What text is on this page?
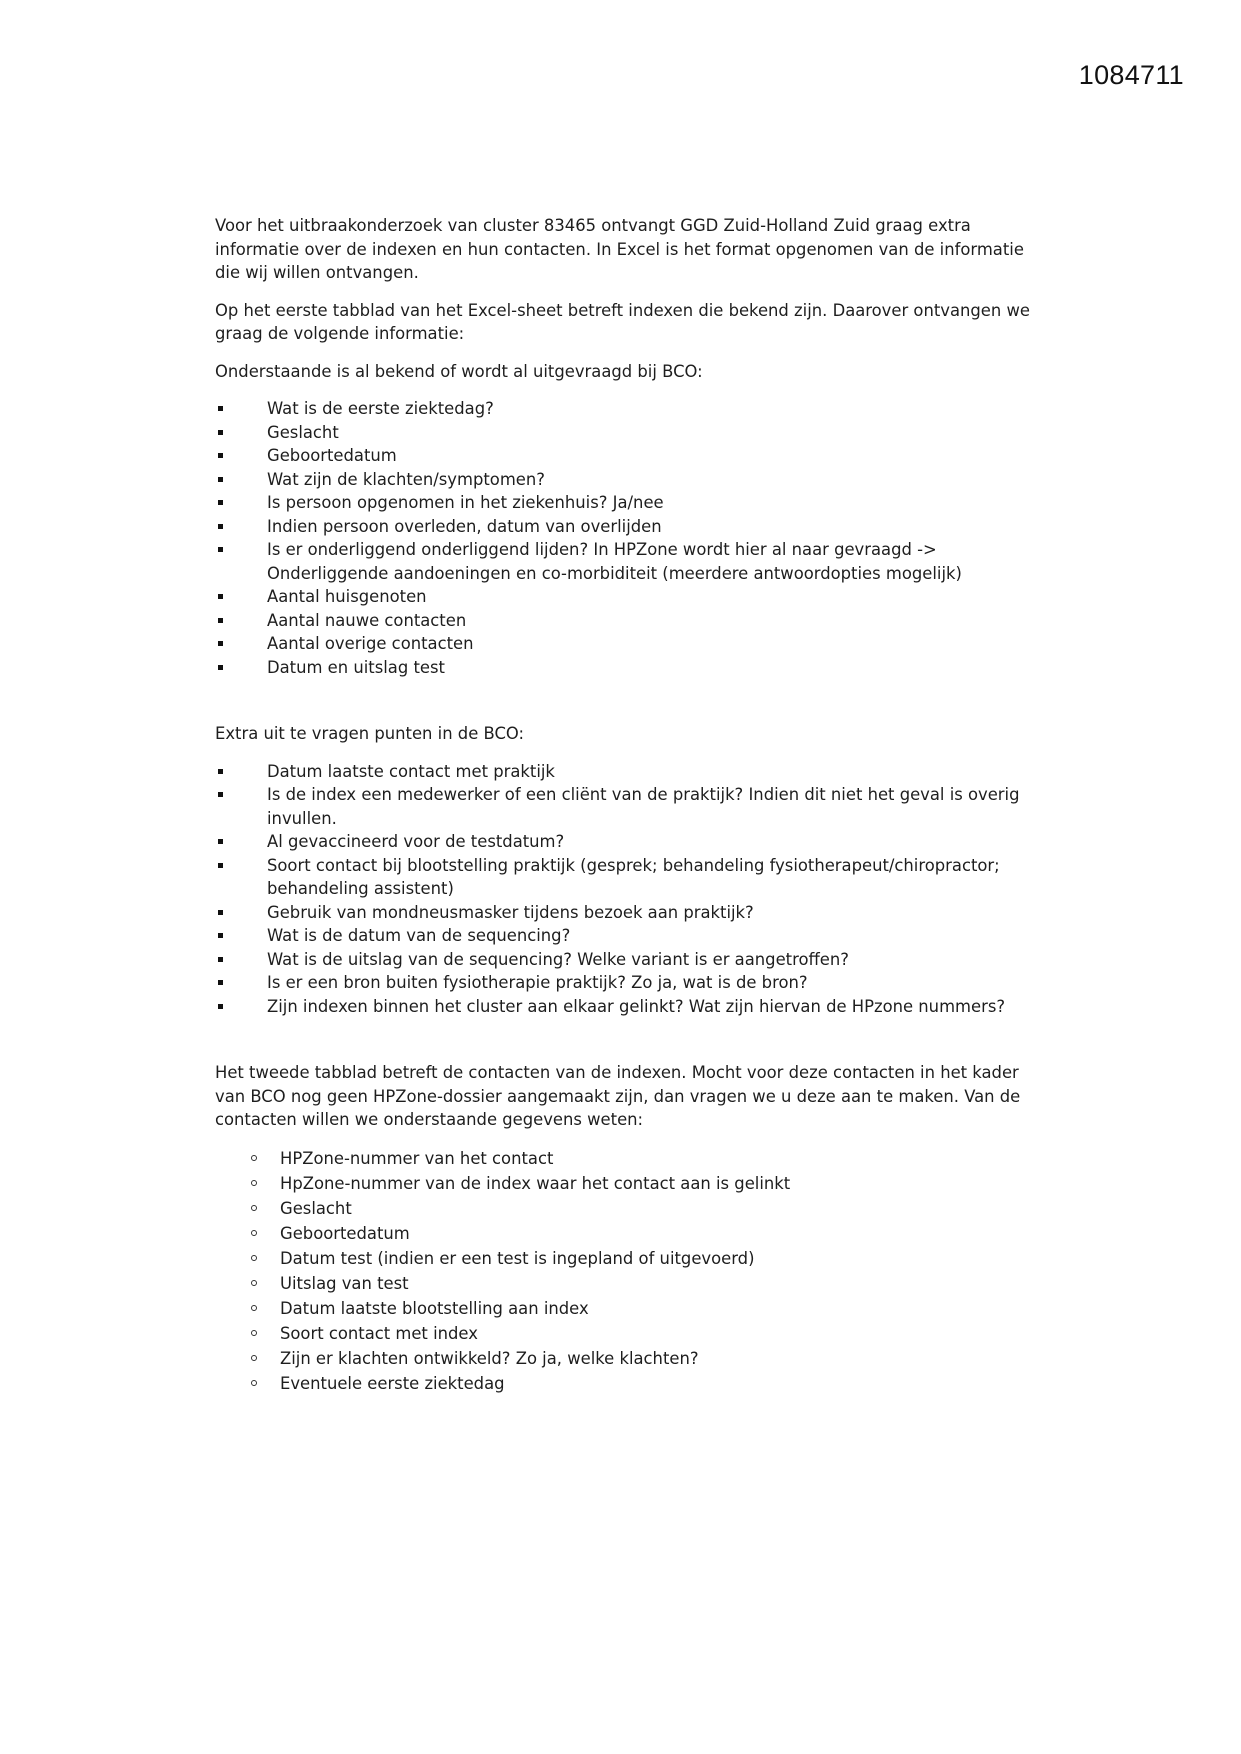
1084711

Voor het uitbraakonderzoek van cluster 83465 ontvangt GGD Zuid-Holland Zuid graag extra informatie over de indexen en hun contacten. In Excel is het format opgenomen van de informatie die wij willen ontvangen.

Op het eerste tabblad van het Excel-sheet betreft indexen die bekend zijn. Daarover ontvangen we graag de volgende informatie:

Onderstaande is al bekend of wordt al uitgevraagd bij BCO:

Wat is de eerste ziektedag?
Geslacht
Geboortedatum
Wat zijn de klachten/symptomen?
Is persoon opgenomen in het ziekenhuis? Ja/nee
Indien persoon overleden, datum van overlijden
Is er onderliggend onderliggend lijden? In HPZone wordt hier al naar gevraagd -> Onderliggende aandoeningen en co-morbiditeit (meerdere antwoordopties mogelijk)
Aantal huisgenoten
Aantal nauwe contacten
Aantal overige contacten
Datum en uitslag test

Extra uit te vragen punten in de BCO:

Datum laatste contact met praktijk
Is de index een medewerker of een cliënt van de praktijk? Indien dit niet het geval is overig invullen.
Al gevaccineerd voor de testdatum?
Soort contact bij blootstelling praktijk (gesprek; behandeling fysiotherapeut/chiropractor; behandeling assistent)
Gebruik van mondneusmasker tijdens bezoek aan praktijk?
Wat is de datum van de sequencing?
Wat is de uitslag van de sequencing? Welke variant is er aangetroffen?
Is er een bron buiten fysiotherapie praktijk? Zo ja, wat is de bron?
Zijn indexen binnen het cluster aan elkaar gelinkt? Wat zijn hiervan de HPzone nummers?

Het tweede tabblad betreft de contacten van de indexen. Mocht voor deze contacten in het kader van BCO nog geen HPZone-dossier aangemaakt zijn, dan vragen we u deze aan te maken. Van de contacten willen we onderstaande gegevens weten:

HPZone-nummer van het contact
HpZone-nummer van de index waar het contact aan is gelinkt
Geslacht
Geboortedatum
Datum test (indien er een test is ingepland of uitgevoerd)
Uitslag van test
Datum laatste blootstelling aan index
Soort contact met index
Zijn er klachten ontwikkeld? Zo ja, welke klachten?
Eventuele eerste ziektedag
